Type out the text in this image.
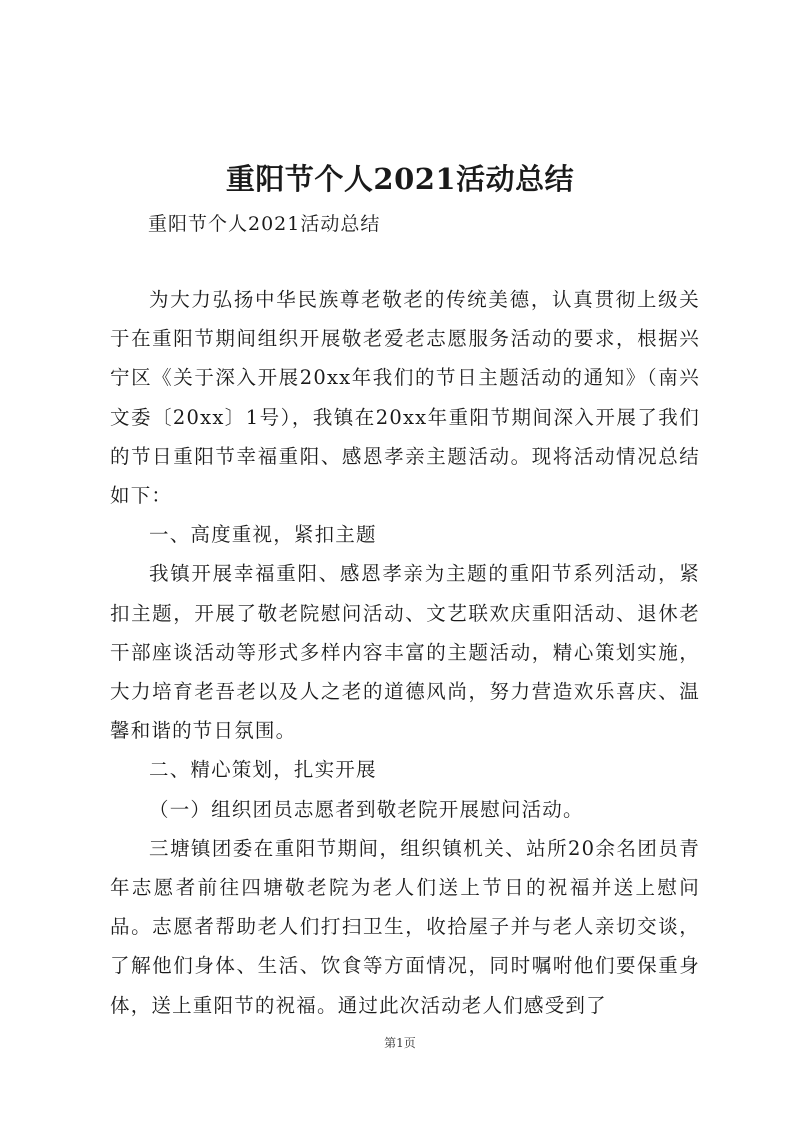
重阳节个人2021活动总结
重阳节个人2021活动总结

为大力弘扬中华民族尊老敬老的传统美德，认真贯彻上级关于在重阳节期间组织开展敬老爱老志愿服务活动的要求，根据兴宁区《关于深入开展20xx年我们的节日主题活动的通知》（南兴文委〔20xx〕1号），我镇在20xx年重阳节期间深入开展了我们的节日重阳节幸福重阳、感恩孝亲主题活动。现将活动情况总结如下：

一、高度重视，紧扣主题

我镇开展幸福重阳、感恩孝亲为主题的重阳节系列活动，紧扣主题，开展了敬老院慰问活动、文艺联欢庆重阳活动、退休老干部座谈活动等形式多样内容丰富的主题活动，精心策划实施，大力培育老吾老以及人之老的道德风尚，努力营造欢乐喜庆、温馨和谐的节日氛围。

二、精心策划，扎实开展

（一）组织团员志愿者到敬老院开展慰问活动。

三塘镇团委在重阳节期间，组织镇机关、站所20余名团员青年志愿者前往四塘敬老院为老人们送上节日的祝福并送上慰问品。志愿者帮助老人们打扫卫生，收拾屋子并与老人亲切交谈，了解他们身体、生活、饮食等方面情况，同时嘱咐他们要保重身体，送上重阳节的祝福。通过此次活动老人们感受到了

第1页
